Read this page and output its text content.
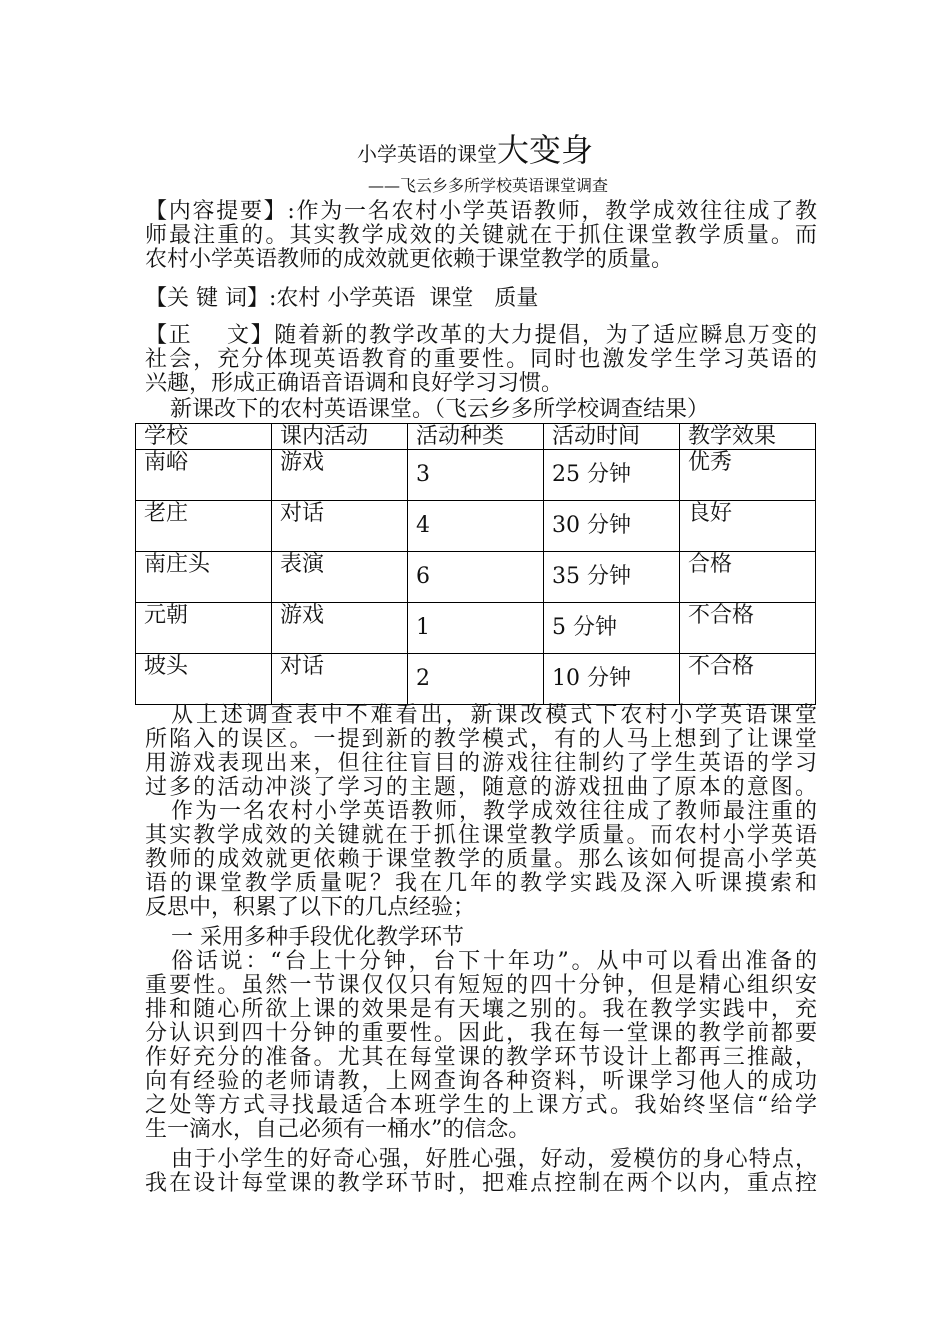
小学英语的课堂大变身
——飞云乡多所学校英语课堂调查
【内容提要】:作为一名农村小学英语教师，教学成效往往成了教
师最注重的。其实教学成效的关键就在于抓住课堂教学质量。而
农村小学英语教师的成效就更依赖于课堂教学的质量。
【关 键 词】:农村 小学英语  课堂   质量
【正    文】随着新的教学改革的大力提倡，为了适应瞬息万变的
社会，充分体现英语教育的重要性。同时也激发学生学习英语的
兴趣，形成正确语音语调和良好学习习惯。
新课改下的农村英语课堂。（飞云乡多所学校调查结果）
学校	课内活动	活动种类	活动时间	教学效果

南峪	游戏	3	25 分钟	优秀

老庄	对话	4	30 分钟	良好

南庄头	表演	6	35 分钟	合格

元朝	游戏	1	5 分钟	不合格

坡头	对话	2	10 分钟	不合格
从上述调查表中不难看出，新课改模式下农村小学英语课堂
所陷入的误区。一提到新的教学模式，有的人马上想到了让课堂
用游戏表现出来，但往往盲目的游戏往往制约了学生英语的学习
过多的活动冲淡了学习的主题，随意的游戏扭曲了原本的意图。
作为一名农村小学英语教师，教学成效往往成了教师最注重的
其实教学成效的关键就在于抓住课堂教学质量。而农村小学英语
教师的成效就更依赖于课堂教学的质量。那么该如何提高小学英
语的课堂教学质量呢？我在几年的教学实践及深入听课摸索和
反思中，积累了以下的几点经验；
一 采用多种手段优化教学环节
俗话说：“台上十分钟，台下十年功”。从中可以看出准备的
重要性。虽然一节课仅仅只有短短的四十分钟，但是精心组织安
排和随心所欲上课的效果是有天壤之别的。我在教学实践中，充
分认识到四十分钟的重要性。因此，我在每一堂课的教学前都要
作好充分的准备。尤其在每堂课的教学环节设计上都再三推敲，
向有经验的老师请教，上网查询各种资料，听课学习他人的成功
之处等方式寻找最适合本班学生的上课方式。我始终坚信“给学
生一滴水，自己必须有一桶水”的信念。
由于小学生的好奇心强，好胜心强，好动，爱模仿的身心特点，
我在设计每堂课的教学环节时，把难点控制在两个以内，重点控
